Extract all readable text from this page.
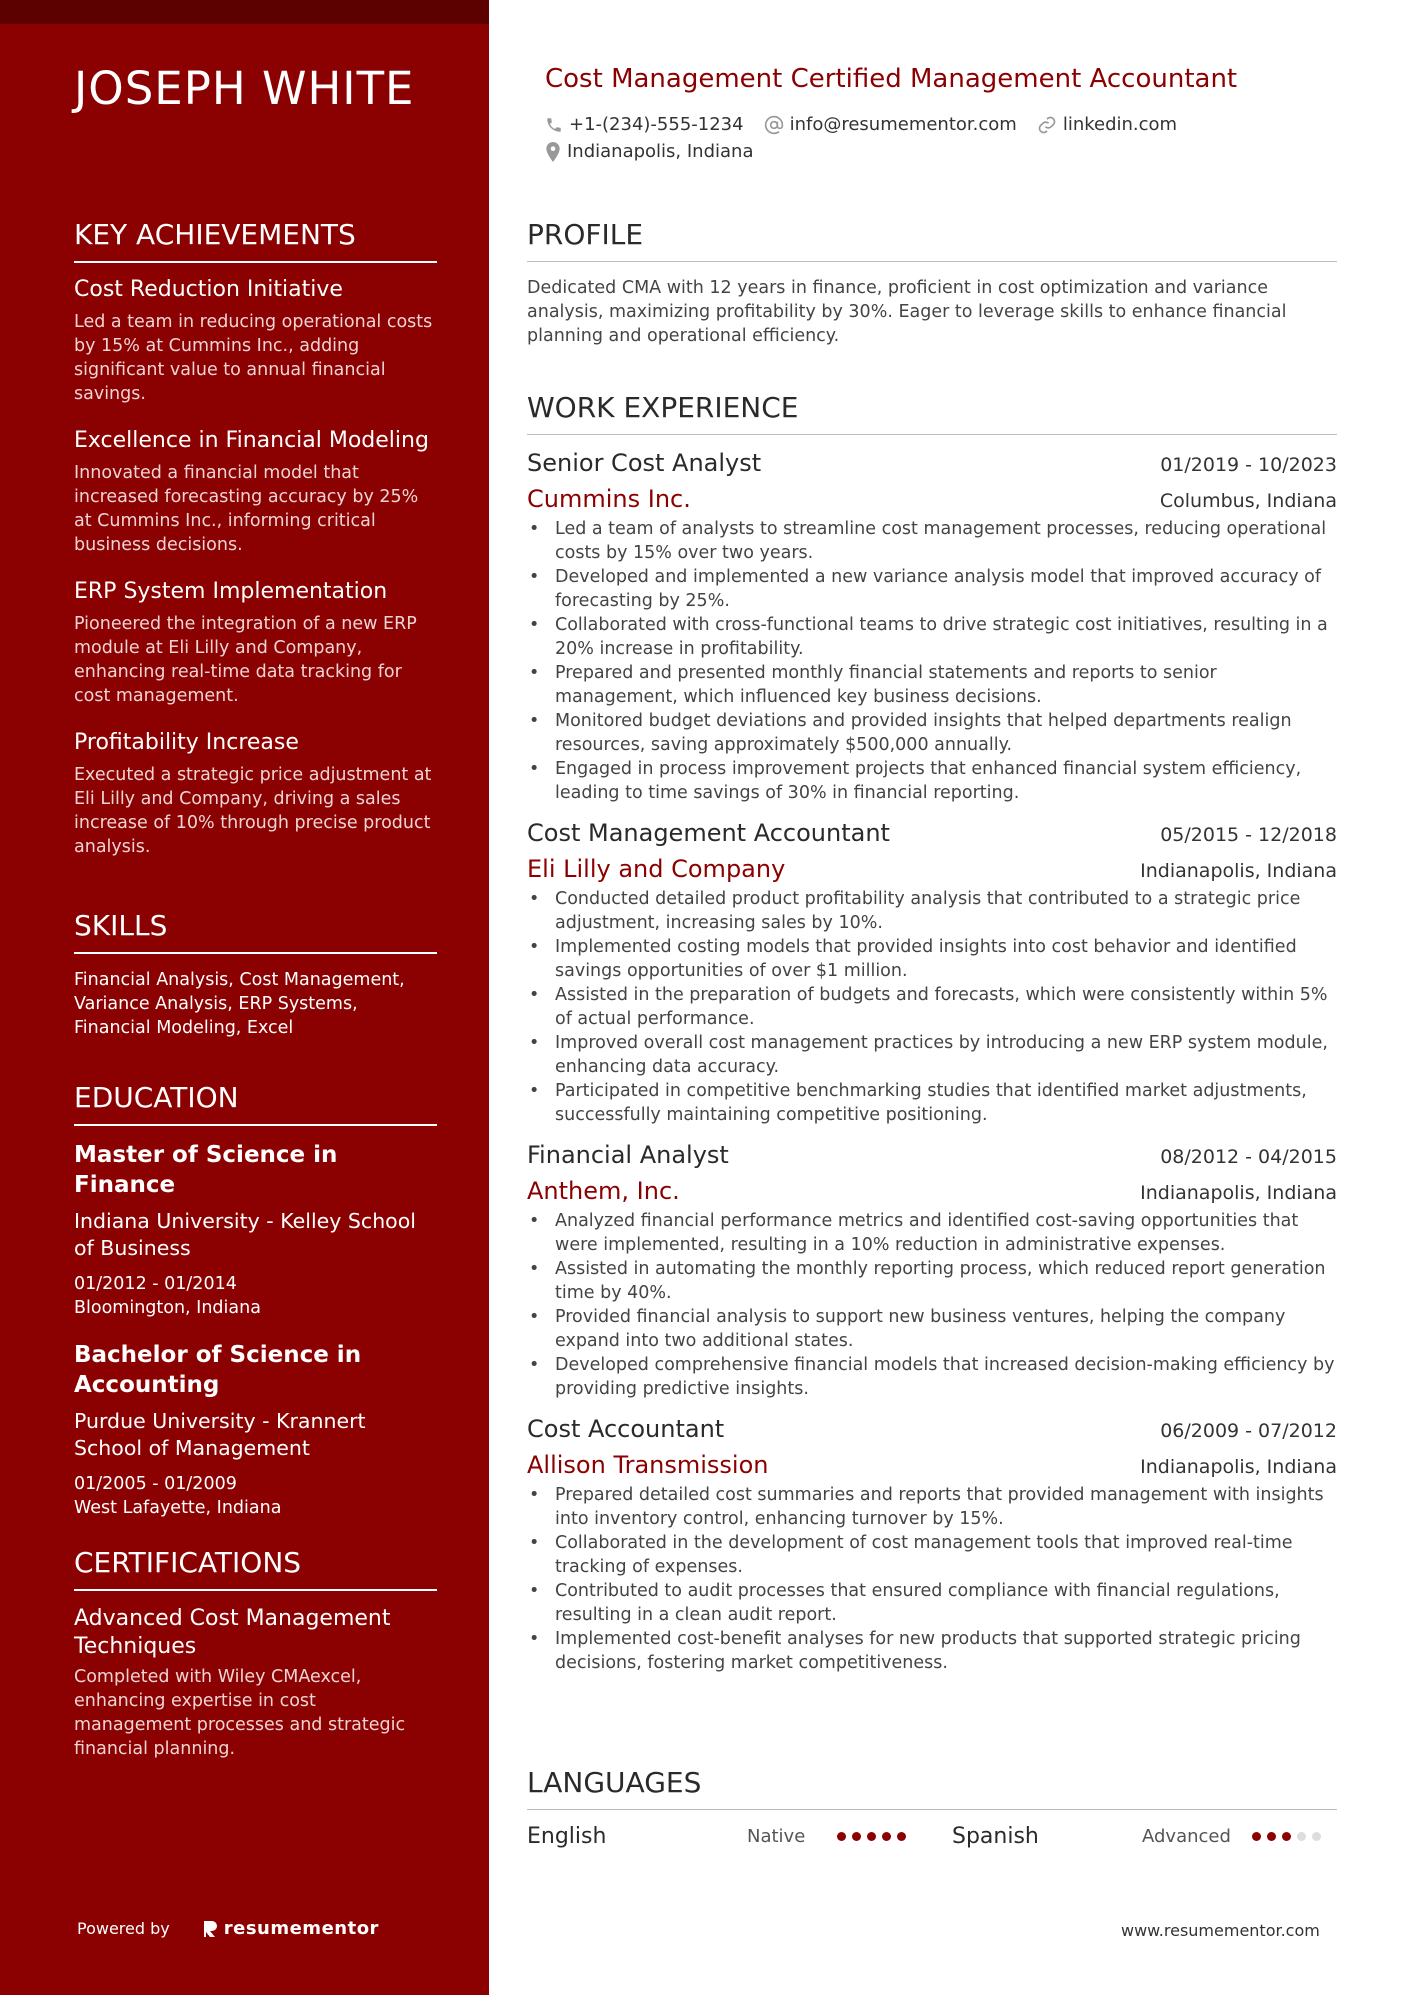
JOSEPH WHITE
KEY ACHIEVEMENTS
Cost Reduction Initiative
Led a team in reducing operational costs by 15% at Cummins Inc., adding significant value to annual financial savings.
Excellence in Financial Modeling
Innovated a financial model that increased forecasting accuracy by 25% at Cummins Inc., informing critical business decisions.
ERP System Implementation
Pioneered the integration of a new ERP module at Eli Lilly and Company, enhancing real-time data tracking for cost management.
Profitability Increase
Executed a strategic price adjustment at Eli Lilly and Company, driving a sales increase of 10% through precise product analysis.
SKILLS
Financial Analysis, Cost Management, Variance Analysis, ERP Systems, Financial Modeling, Excel
EDUCATION
Master of Science in Finance
Indiana University - Kelley School of Business
01/2012 - 01/2014
Bloomington, Indiana
Bachelor of Science in Accounting
Purdue University - Krannert School of Management
01/2005 - 01/2009
West Lafayette, Indiana
CERTIFICATIONS
Advanced Cost Management Techniques
Completed with Wiley CMAexcel, enhancing expertise in cost management processes and strategic financial planning.
Powered by	resumementor
Cost Management Certified Management Accountant
+1-(234)-555-1234	info@resumementor.com	linkedin.com
Indianapolis, Indiana
PROFILE
Dedicated CMA with 12 years in finance, proficient in cost optimization and variance analysis, maximizing profitability by 30%. Eager to leverage skills to enhance financial planning and operational efficiency.
WORK EXPERIENCE
Senior Cost Analyst	01/2019 - 10/2023
Cummins Inc.	Columbus, Indiana
• Led a team of analysts to streamline cost management processes, reducing operational costs by 15% over two years.
• Developed and implemented a new variance analysis model that improved accuracy of forecasting by 25%.
• Collaborated with cross-functional teams to drive strategic cost initiatives, resulting in a 20% increase in profitability.
• Prepared and presented monthly financial statements and reports to senior management, which influenced key business decisions.
• Monitored budget deviations and provided insights that helped departments realign resources, saving approximately $500,000 annually.
• Engaged in process improvement projects that enhanced financial system efficiency, leading to time savings of 30% in financial reporting.
Cost Management Accountant	05/2015 - 12/2018
Eli Lilly and Company	Indianapolis, Indiana
• Conducted detailed product profitability analysis that contributed to a strategic price adjustment, increasing sales by 10%.
• Implemented costing models that provided insights into cost behavior and identified savings opportunities of over $1 million.
• Assisted in the preparation of budgets and forecasts, which were consistently within 5% of actual performance.
• Improved overall cost management practices by introducing a new ERP system module, enhancing data accuracy.
• Participated in competitive benchmarking studies that identified market adjustments, successfully maintaining competitive positioning.
Financial Analyst	08/2012 - 04/2015
Anthem, Inc.	Indianapolis, Indiana
• Analyzed financial performance metrics and identified cost-saving opportunities that were implemented, resulting in a 10% reduction in administrative expenses.
• Assisted in automating the monthly reporting process, which reduced report generation time by 40%.
• Provided financial analysis to support new business ventures, helping the company expand into two additional states.
• Developed comprehensive financial models that increased decision-making efficiency by providing predictive insights.
Cost Accountant	06/2009 - 07/2012
Allison Transmission	Indianapolis, Indiana
• Prepared detailed cost summaries and reports that provided management with insights into inventory control, enhancing turnover by 15%.
• Collaborated in the development of cost management tools that improved real-time tracking of expenses.
• Contributed to audit processes that ensured compliance with financial regulations, resulting in a clean audit report.
• Implemented cost-benefit analyses for new products that supported strategic pricing decisions, fostering market competitiveness.
LANGUAGES
English	Native	Spanish	Advanced
www.resumementor.com
